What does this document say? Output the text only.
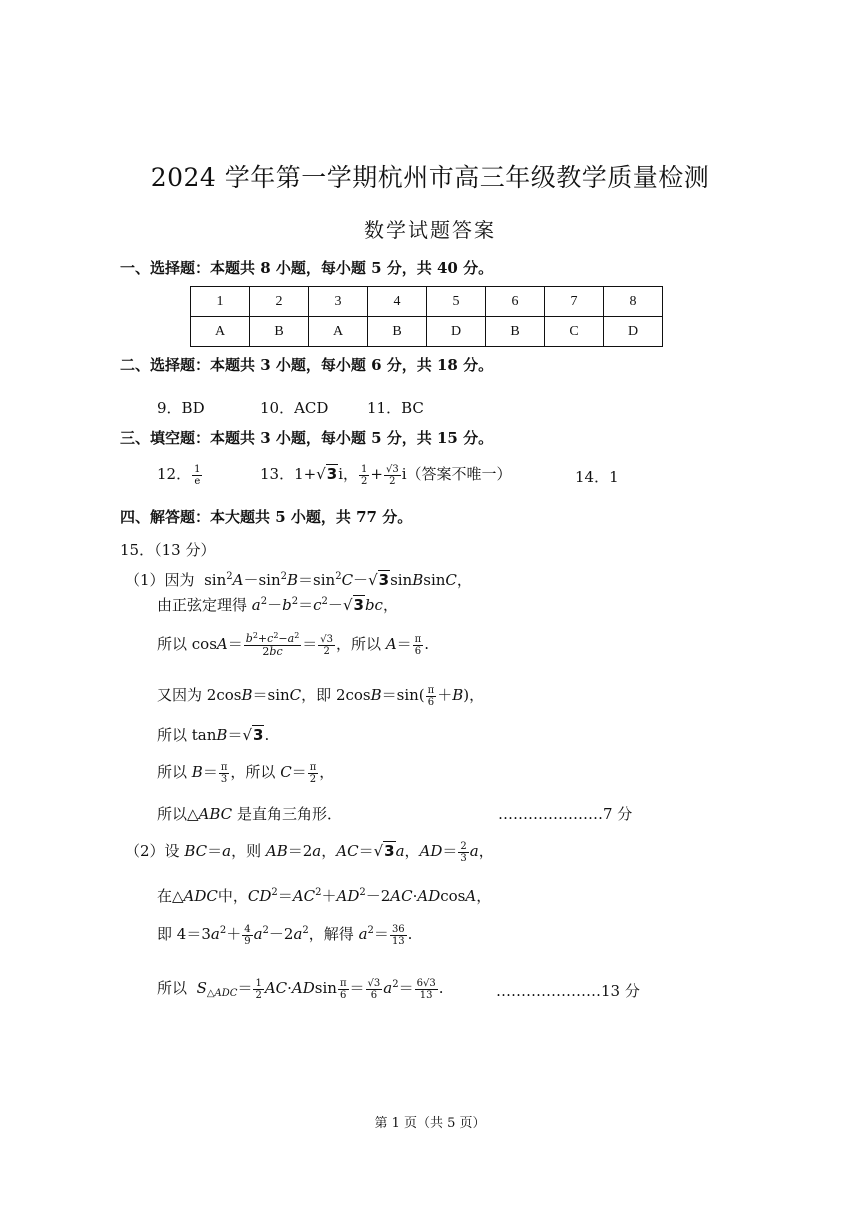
2024 学年第一学期杭州市高三年级教学质量检测
数学试题答案
一、选择题：本题共 8 小题，每小题 5 分，共 40 分。
1	2	3	4	5	6	7	8
A	B	A	B	D	B	C	D
二、选择题：本题共 3 小题，每小题 6 分，共 18 分。
9．BD	10．ACD	11．BC
三、填空题：本题共 3 小题，每小题 5 分，共 15 分。
12． $\frac{1}{e}$	13．1+√3i， $\frac{1}{2} + \frac{√3}{2} i$（答案不唯一）	14．1
四、解答题：本大题共 5 小题，共 77 分。
15．（13 分）
（1）因为  $\sin^2A-\sin^2B=\sin^2C-√3sinBsinC$，
由正弦定理得 $a^2-b^2=c^2-√3bc$，
所以 $\cos A= \frac{b^2+c^2-a^2}{2bc} = \frac{√3}{2}$ ，所以 $A= \frac{\pi}{6}$ .
又因为 2cosB＝sinC，即 $2\cos B=\sin( \frac{\pi}{6} +B)$，
所以 tanB＝√3.
所以 $B= \frac{\pi}{3}$ ，所以 $C= \frac{\pi}{2}$ ，
所以△ABC 是直角三角形．	…………………7 分
（2）设 BC＝a，则 AB＝2a，AC＝√3a，$AD= \frac{2}{3}$ a，
在△ADC中，$CD^2=AC^2+AD^2-2AC\cdot ADcosA$，
即 $4=3a^2+ \frac{4}{9} a^2-2a^2$，解得 $a^2= \frac{36}{13}$ .
所以 $S_{\triangle ADC}= \frac{1}{2} AC\cdot ADsin \frac{\pi}{6} = \frac{√3}{6} a^2= \frac{6√3}{13}$ .	…………………13 分
第 1 页（共 5 页）
